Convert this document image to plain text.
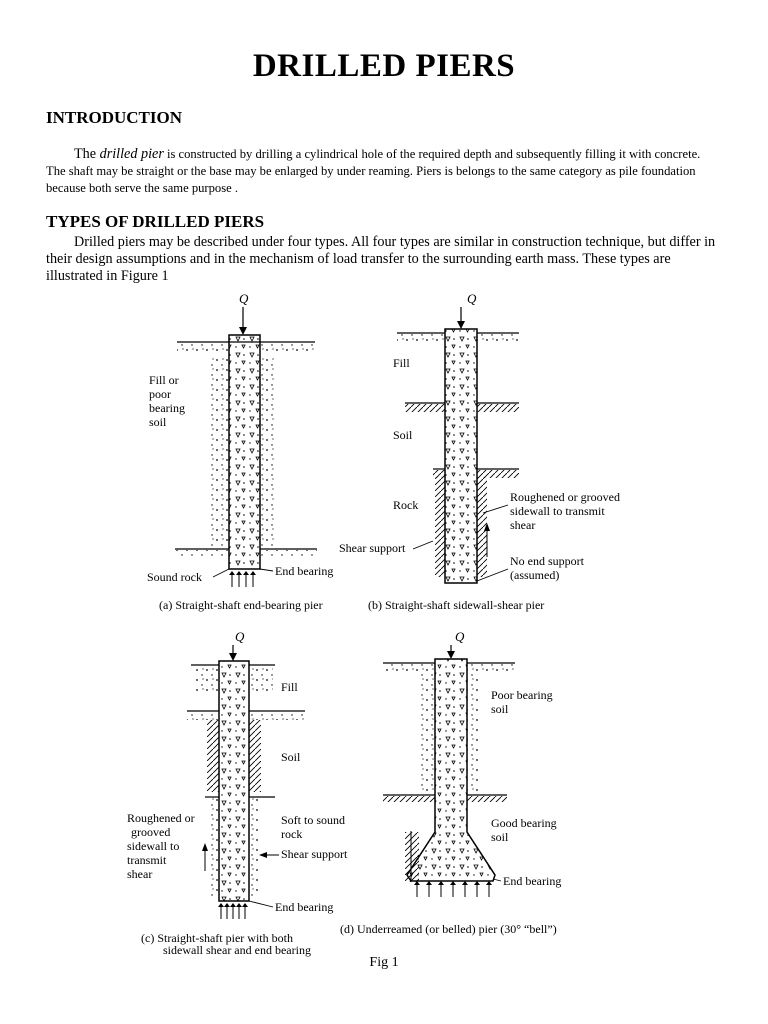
DRILLED PIERS
INTRODUCTION

The drilled pier is constructed by drilling a cylindrical hole of the required depth and subsequently filling it with concrete. The shaft may be straight or the base may be enlarged by under reaming. Piers is belongs to the same category as pile foundation because both serve the same purpose .

TYPES OF DRILLED PIERS

Drilled piers may be described under four types. All four types are similar in construction technique, but differ in their design assumptions and in the mechanism of load transfer to the surrounding earth mass. These types are illustrated in Figure 1

Q
Fill or
poor
bearing
soil
Sound rock	End bearing
(a) Straight-shaft end-bearing pier
Q
Fill
Soil
Rock
Roughened or grooved
sidewall to transmit
shear
Shear support
No end support
(assumed)
(b) Straight-shaft sidewall-shear pier
Q
Fill
Soil
Roughened or
grooved
sidewall to
transmit
shear
Soft to sound
rock
Shear support
End bearing
(c) Straight-shaft pier with both
sidewall shear and end bearing
Q
Poor bearing
soil
Good bearing
soil
End bearing
(d) Underreamed (or belled) pier (30° “bell”)
Fig 1
